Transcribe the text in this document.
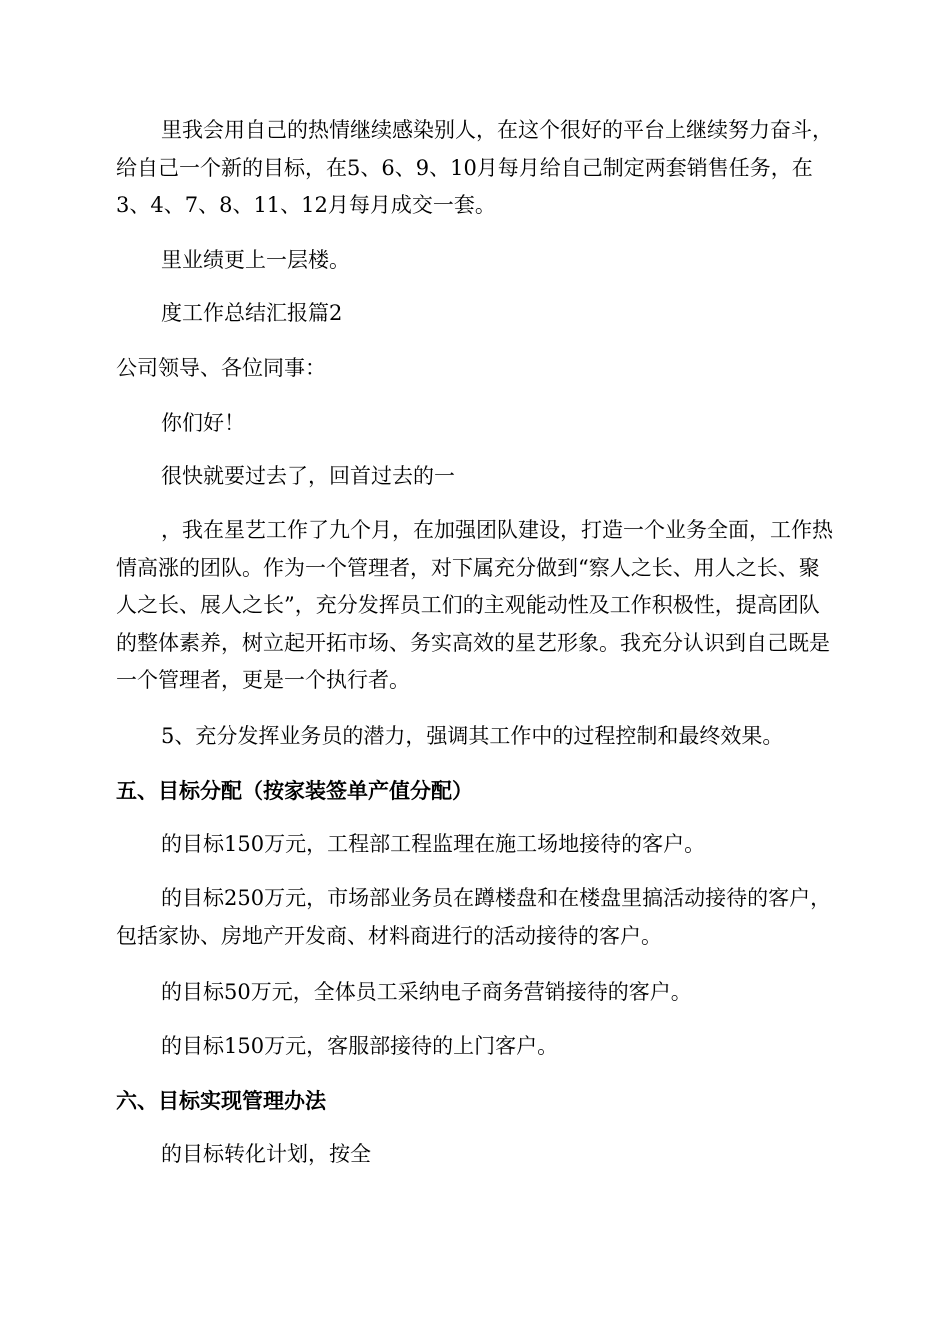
里我会用自己的热情继续感染别人，在这个很好的平台上继续努力奋斗，给自己一个新的目标，在5、6、9、10月每月给自己制定两套销售任务，在3、4、7、8、11、12月每月成交一套。

里业绩更上一层楼。

度工作总结汇报篇2

公司领导、各位同事：

你们好！

很快就要过去了，回首过去的一

，我在星艺工作了九个月，在加强团队建设，打造一个业务全面，工作热情高涨的团队。作为一个管理者，对下属充分做到“察人之长、用人之长、聚人之长、展人之长”，充分发挥员工们的主观能动性及工作积极性，提高团队的整体素养，树立起开拓市场、务实高效的星艺形象。我充分认识到自己既是一个管理者，更是一个执行者。

5、充分发挥业务员的潜力，强调其工作中的过程控制和最终效果。

五、目标分配（按家装签单产值分配）

的目标150万元，工程部工程监理在施工场地接待的客户。

的目标250万元，市场部业务员在蹲楼盘和在楼盘里搞活动接待的客户，包括家协、房地产开发商、材料商进行的活动接待的客户。

的目标50万元，全体员工采纳电子商务营销接待的客户。

的目标150万元，客服部接待的上门客户。

六、目标实现管理办法

的目标转化计划，按全
